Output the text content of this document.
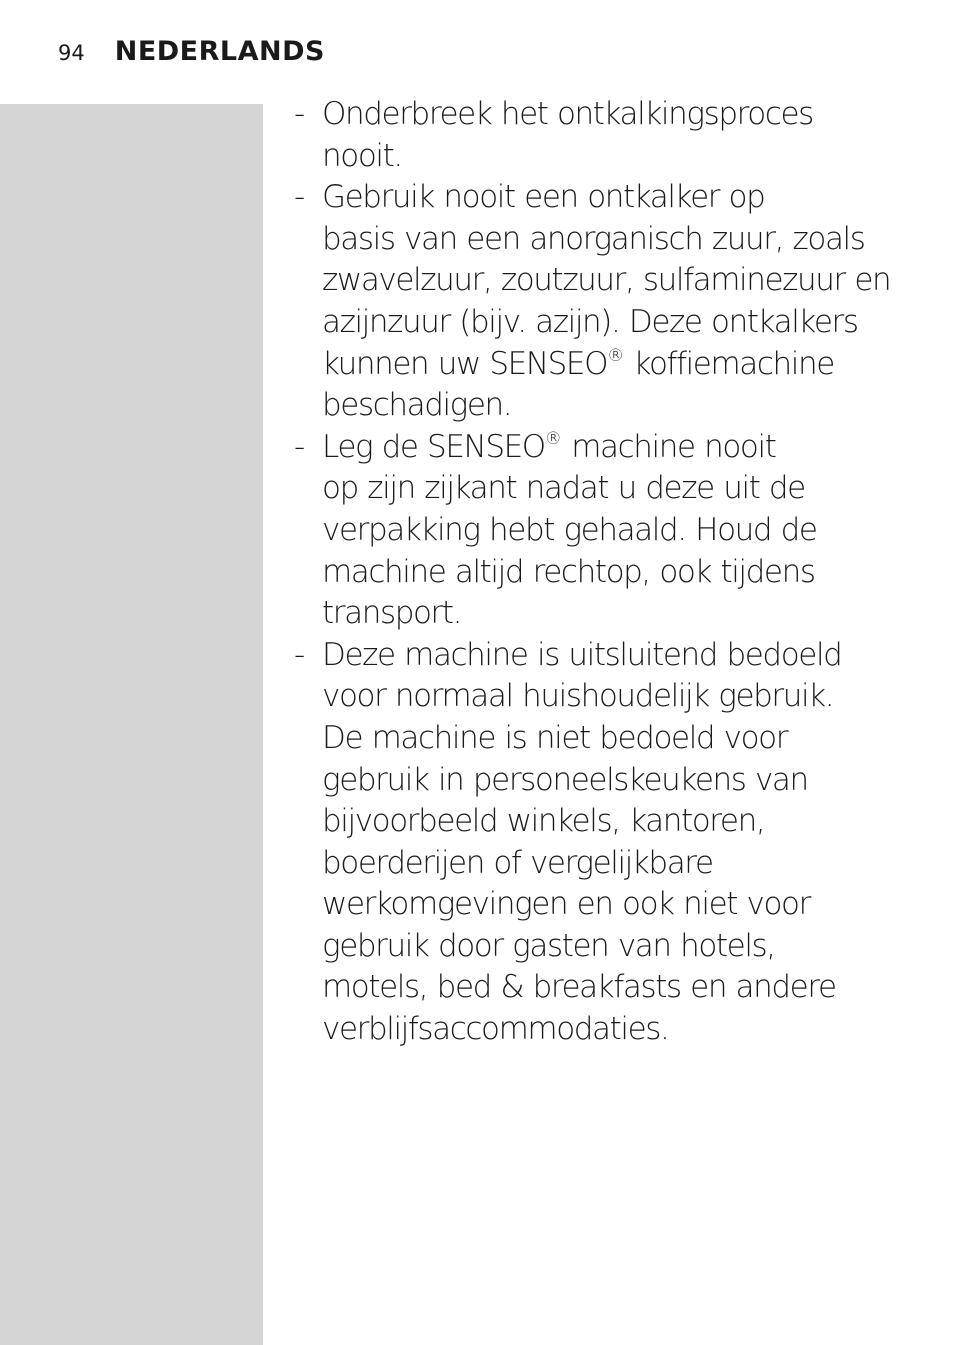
94 NEDERLANDS
- Onderbreek het ontkalkingsproces
nooit.
- Gebruik nooit een ontkalker op
basis van een anorganisch zuur, zoals
zwavelzuur, zoutzuur, sulfaminezuur en
azijnzuur (bijv. azijn). Deze ontkalkers
kunnen uw SENSEO® koffiemachine
beschadigen.
- Leg de SENSEO® machine nooit
op zijn zijkant nadat u deze uit de
verpakking hebt gehaald. Houd de
machine altijd rechtop, ook tijdens
transport.
- Deze machine is uitsluitend bedoeld
voor normaal huishoudelijk gebruik.
De machine is niet bedoeld voor
gebruik in personeelskeukens van
bijvoorbeeld winkels, kantoren,
boerderijen of vergelijkbare
werkomgevingen en ook niet voor
gebruik door gasten van hotels,
motels, bed & breakfasts en andere
verblijfsaccommodaties.
